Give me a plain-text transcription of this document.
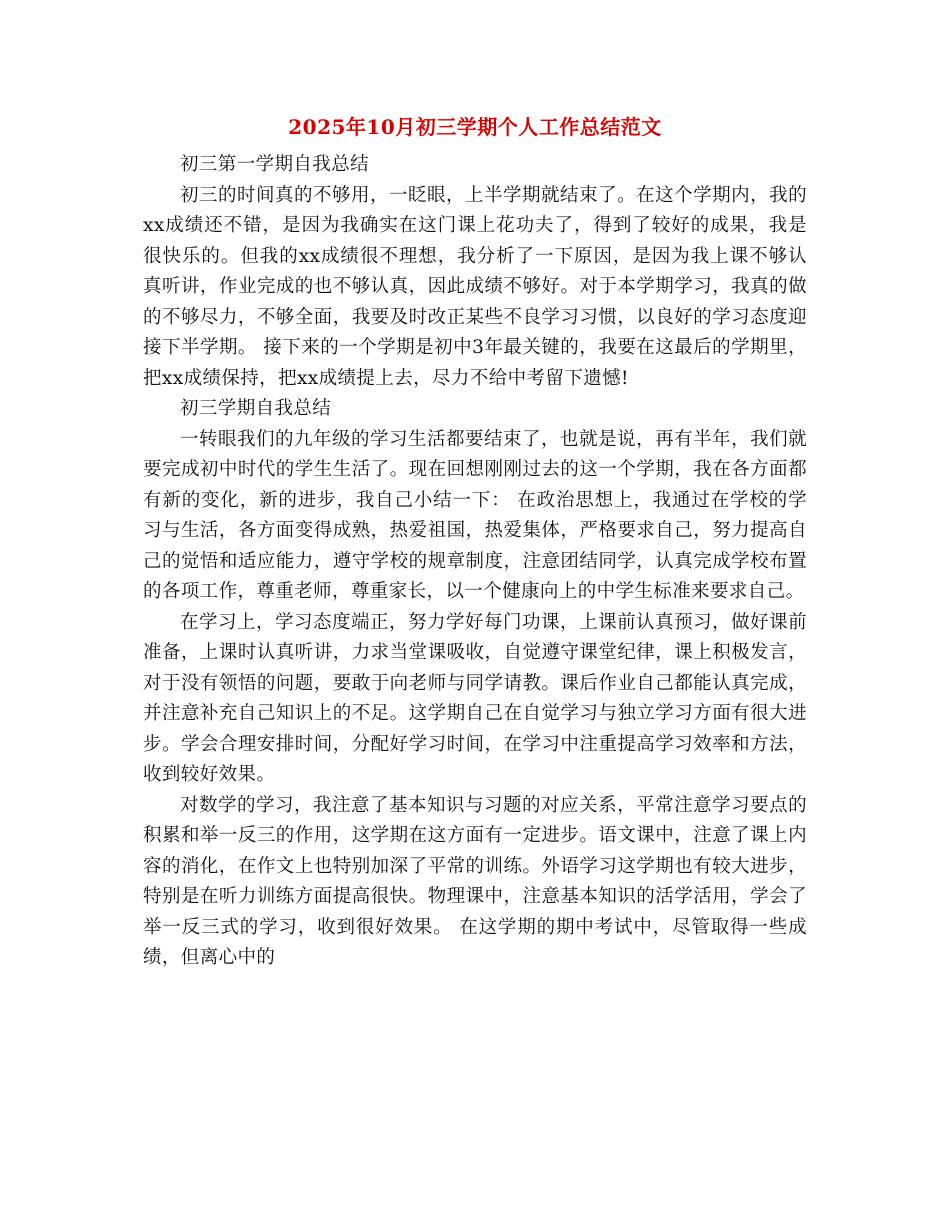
2025年10月初三学期个人工作总结范文

初三第一学期自我总结

初三的时间真的不够用，一眨眼，上半学期就结束了。在这个学期内，我的xx成绩还不错，是因为我确实在这门课上花功夫了，得到了较好的成果，我是很快乐的。但我的xx成绩很不理想，我分析了一下原因，是因为我上课不够认真听讲，作业完成的也不够认真，因此成绩不够好。对于本学期学习，我真的做的不够尽力，不够全面，我要及时改正某些不良学习习惯，以良好的学习态度迎接下半学期。 接下来的一个学期是初中3年最关键的，我要在这最后的学期里，把xx成绩保持，把xx成绩提上去，尽力不给中考留下遗憾!

初三学期自我总结

一转眼我们的九年级的学习生活都要结束了，也就是说，再有半年，我们就要完成初中时代的学生生活了。现在回想刚刚过去的这一个学期，我在各方面都有新的变化，新的进步，我自己小结一下： 在政治思想上，我通过在学校的学习与生活，各方面变得成熟，热爱祖国，热爱集体，严格要求自己，努力提高自己的觉悟和适应能力，遵守学校的规章制度，注意团结同学，认真完成学校布置的各项工作，尊重老师，尊重家长，以一个健康向上的中学生标准来要求自己。

在学习上，学习态度端正，努力学好每门功课，上课前认真预习，做好课前准备，上课时认真听讲，力求当堂课吸收，自觉遵守课堂纪律，课上积极发言，对于没有领悟的问题，要敢于向老师与同学请教。课后作业自己都能认真完成，并注意补充自己知识上的不足。这学期自己在自觉学习与独立学习方面有很大进步。学会合理安排时间，分配好学习时间，在学习中注重提高学习效率和方法，收到较好效果。

对数学的学习，我注意了基本知识与习题的对应关系，平常注意学习要点的积累和举一反三的作用，这学期在这方面有一定进步。语文课中，注意了课上内容的消化，在作文上也特别加深了平常的训练。外语学习这学期也有较大进步，特别是在听力训练方面提高很快。物理课中，注意基本知识的活学活用，学会了举一反三式的学习，收到很好效果。 在这学期的期中考试中，尽管取得一些成绩，但离心中的
